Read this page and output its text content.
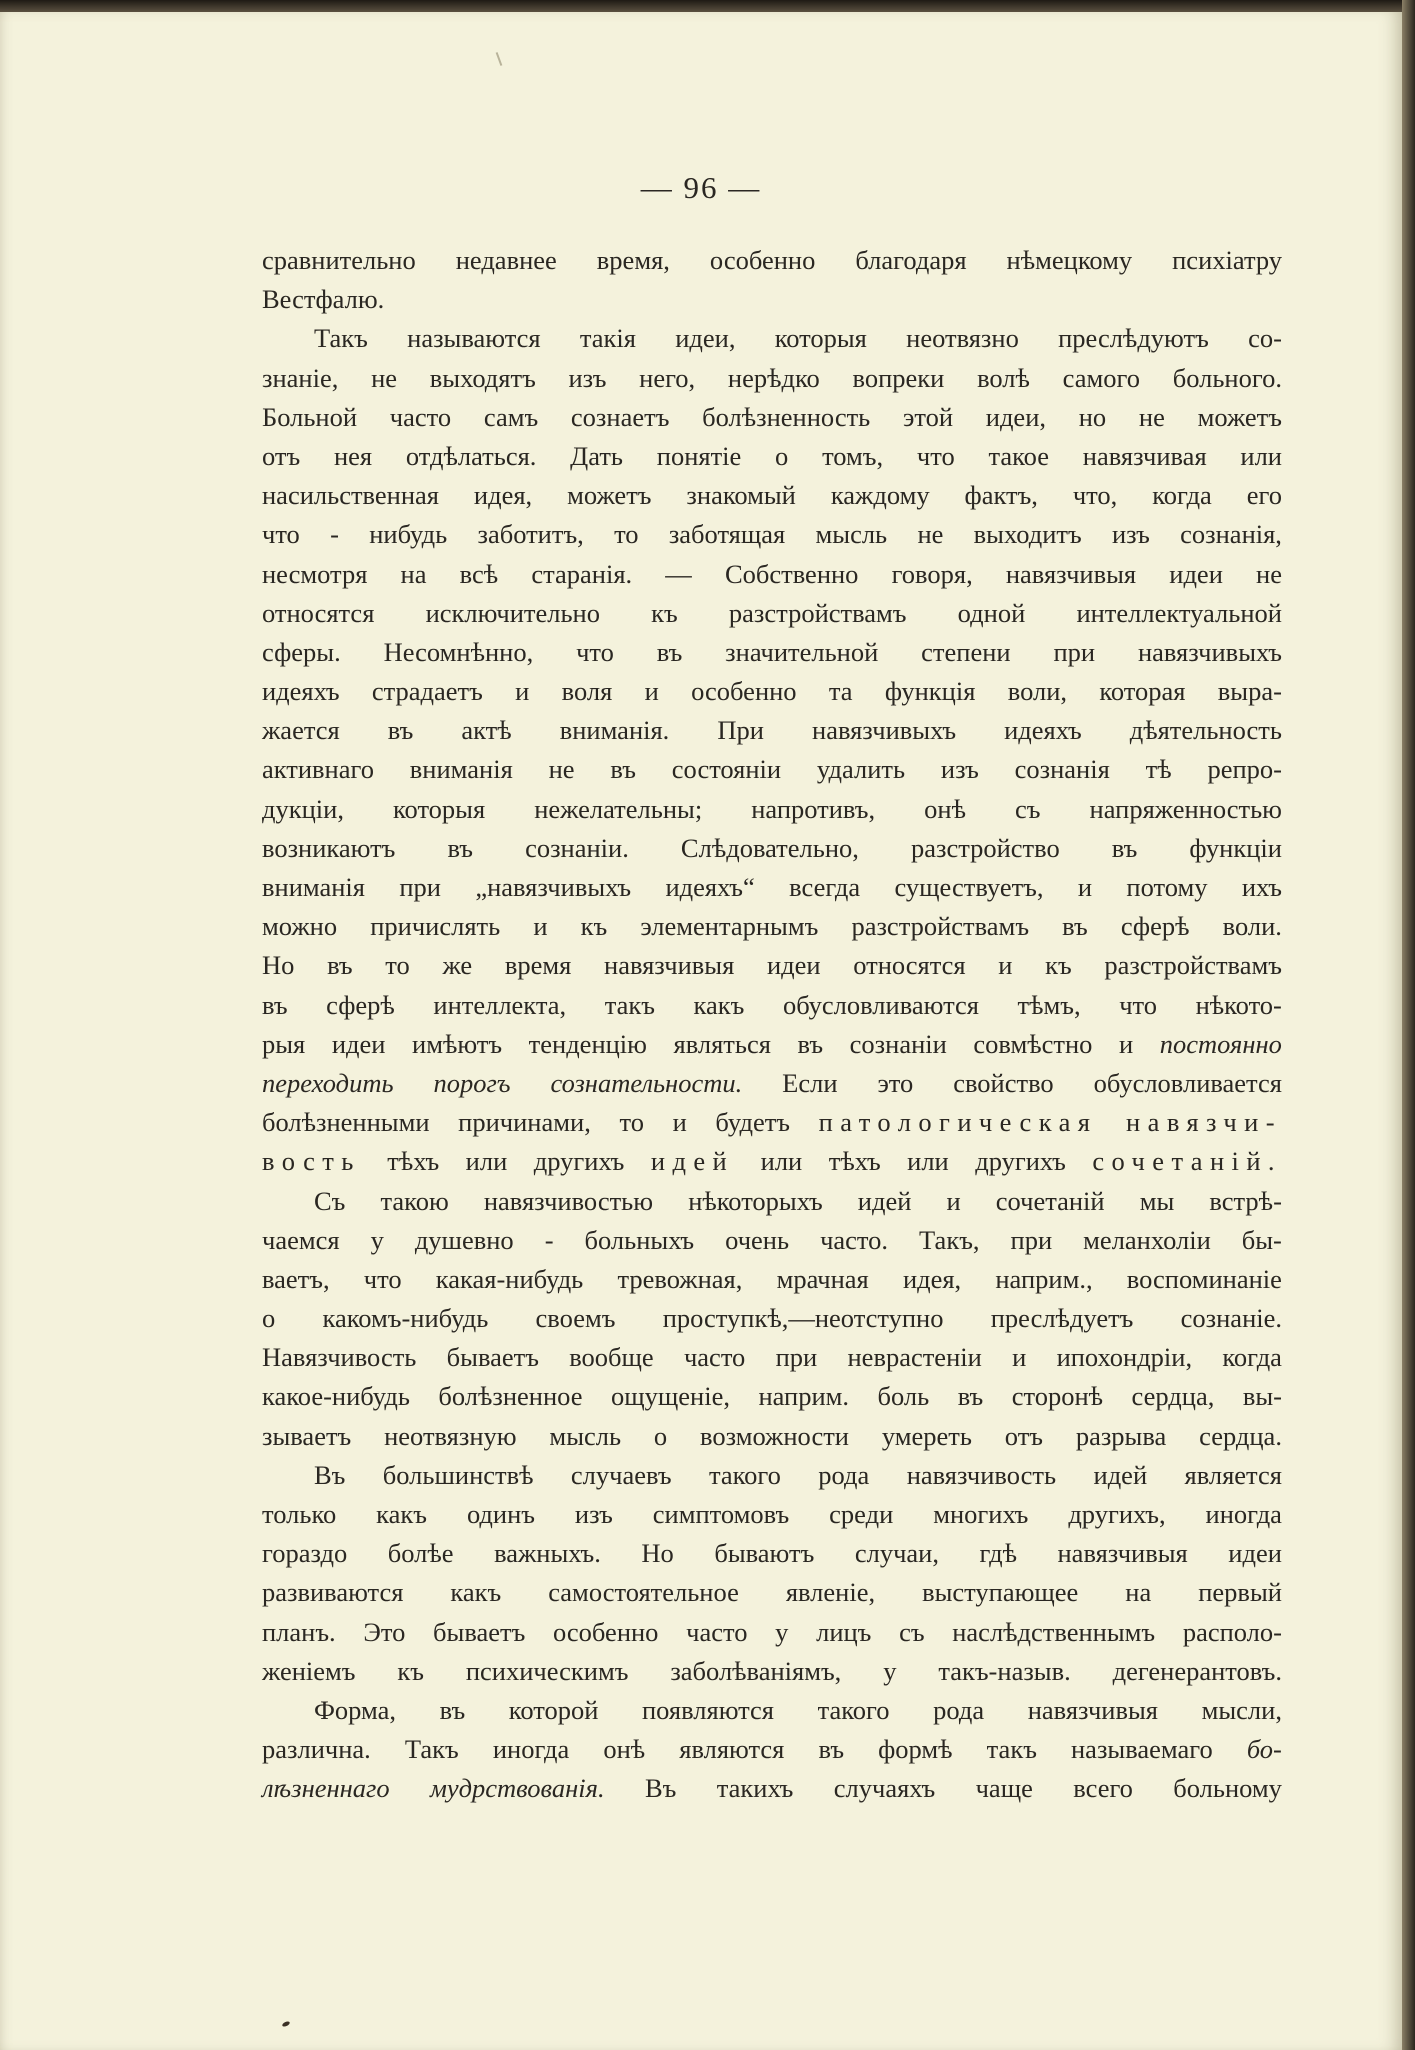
— 96 —
сравнительно недавнее время, особенно благодаря нѣмецкому психіатру
Вестфалю.
Такъ называются такія идеи, которыя неотвязно преслѣдуютъ со-
знаніе, не выходятъ изъ него, нерѣдко вопреки волѣ самого больного.
Больной часто самъ сознаетъ болѣзненность этой идеи, но не можетъ
отъ нея отдѣлаться. Дать понятіе о томъ, что такое навязчивая или
насильственная идея, можетъ знакомый каждому фактъ, что, когда его
что - нибудь заботитъ, то заботящая мысль не выходитъ изъ сознанія,
несмотря на всѣ старанія. — Собственно говоря, навязчивыя идеи не
относятся исключительно къ разстройствамъ одной интеллектуальной
сферы. Несомнѣнно, что въ значительной степени при навязчивыхъ
идеяхъ страдаетъ и воля и особенно та функція воли, которая выра-
жается въ актѣ вниманія. При навязчивыхъ идеяхъ дѣятельность
активнаго вниманія не въ состояніи удалить изъ сознанія тѣ репро-
дукціи, которыя нежелательны; напротивъ, онѣ съ напряженностью
возникаютъ въ сознаніи. Слѣдовательно, разстройство въ функціи
вниманія при „навязчивыхъ идеяхъ“ всегда существуетъ, и потому ихъ
можно причислять и къ элементарнымъ разстройствамъ въ сферѣ воли.
Но въ то же время навязчивыя идеи относятся и къ разстройствамъ
въ сферѣ интеллекта, такъ какъ обусловливаются тѣмъ, что нѣкото-
рыя идеи имѣютъ тенденцію являться въ сознаніи совмѣстно и постоянно
переходить порогъ сознательности. Если это свойство обусловливается
болѣзненными причинами, то и будетъ патологическая навязчи-
вость тѣхъ или другихъ идей или тѣхъ или другихъ сочетаній.
Съ такою навязчивостью нѣкоторыхъ идей и сочетаній мы встрѣ-
чаемся у душевно - больныхъ очень часто. Такъ, при меланхоліи бы-
ваетъ, что какая-нибудь тревожная, мрачная идея, наприм., воспоминаніе
о какомъ-нибудь своемъ проступкѣ,—неотступно преслѣдуетъ сознаніе.
Навязчивость бываетъ вообще часто при неврастеніи и ипохондріи, когда
какое-нибудь болѣзненное ощущеніе, наприм. боль въ сторонѣ сердца, вы-
зываетъ неотвязную мысль о возможности умереть отъ разрыва сердца.
Въ большинствѣ случаевъ такого рода навязчивость идей является
только какъ одинъ изъ симптомовъ среди многихъ другихъ, иногда
гораздо болѣе важныхъ. Но бываютъ случаи, гдѣ навязчивыя идеи
развиваются какъ самостоятельное явленіе, выступающее на первый
планъ. Это бываетъ особенно часто у лицъ съ наслѣдственнымъ располо-
женіемъ къ психическимъ заболѣваніямъ, у такъ-назыв. дегенерантовъ.
Форма, въ которой появляются такого рода навязчивыя мысли,
различна. Такъ иногда онѣ являются въ формѣ такъ называемаго бо-
лѣзненнаго мудрствованія. Въ такихъ случаяхъ чаще всего больному
